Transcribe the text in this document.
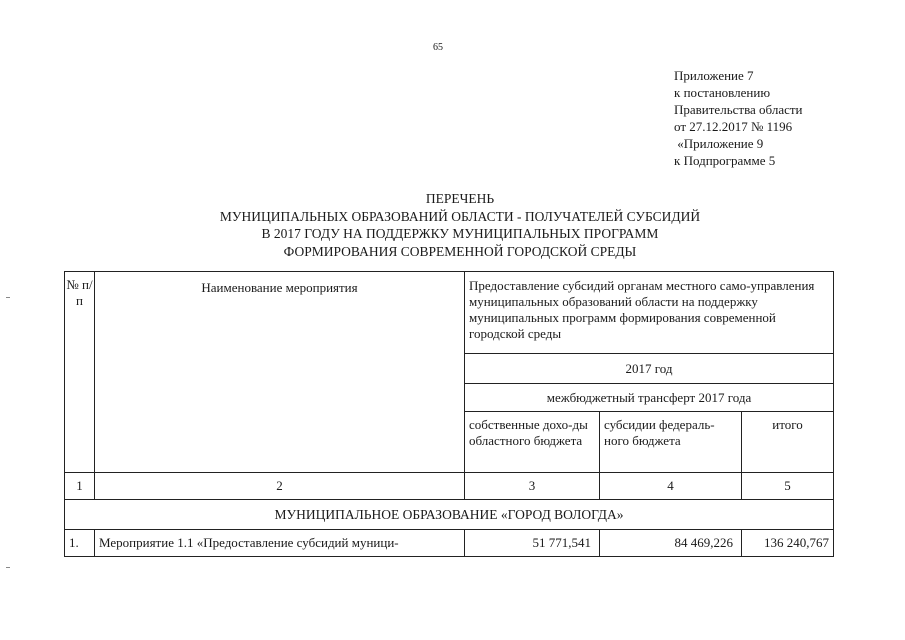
65
Приложение 7
к постановлению
Правительства области
от 27.12.2017 № 1196
«Приложение 9
к Подпрограмме 5
ПЕРЕЧЕНЬ
МУНИЦИПАЛЬНЫХ ОБРАЗОВАНИЙ ОБЛАСТИ - ПОЛУЧАТЕЛЕЙ СУБСИДИЙ
В 2017 ГОДУ НА ПОДДЕРЖКУ МУНИЦИПАЛЬНЫХ ПРОГРАММ
ФОРМИРОВАНИЯ СОВРЕМЕННОЙ ГОРОДСКОЙ СРЕДЫ
№ п/п	Наименование мероприятия	Предоставление субсидий органам местного само-управления муниципальных образований области на поддержку муниципальных программ формирования современной городской среды		
		2017 год		
		межбюджетный трансферт 2017 года		
		собственные дохо-ды областного бюджета	субсидии федераль-ного бюджета	итого
1	2	3	4	5
МУНИЦИПАЛЬНОЕ ОБРАЗОВАНИЕ «ГОРОД ВОЛОГДА»				
1.	Мероприятие 1.1 «Предоставление субсидий муници-	51 771,541	84 469,226	136 240,767
